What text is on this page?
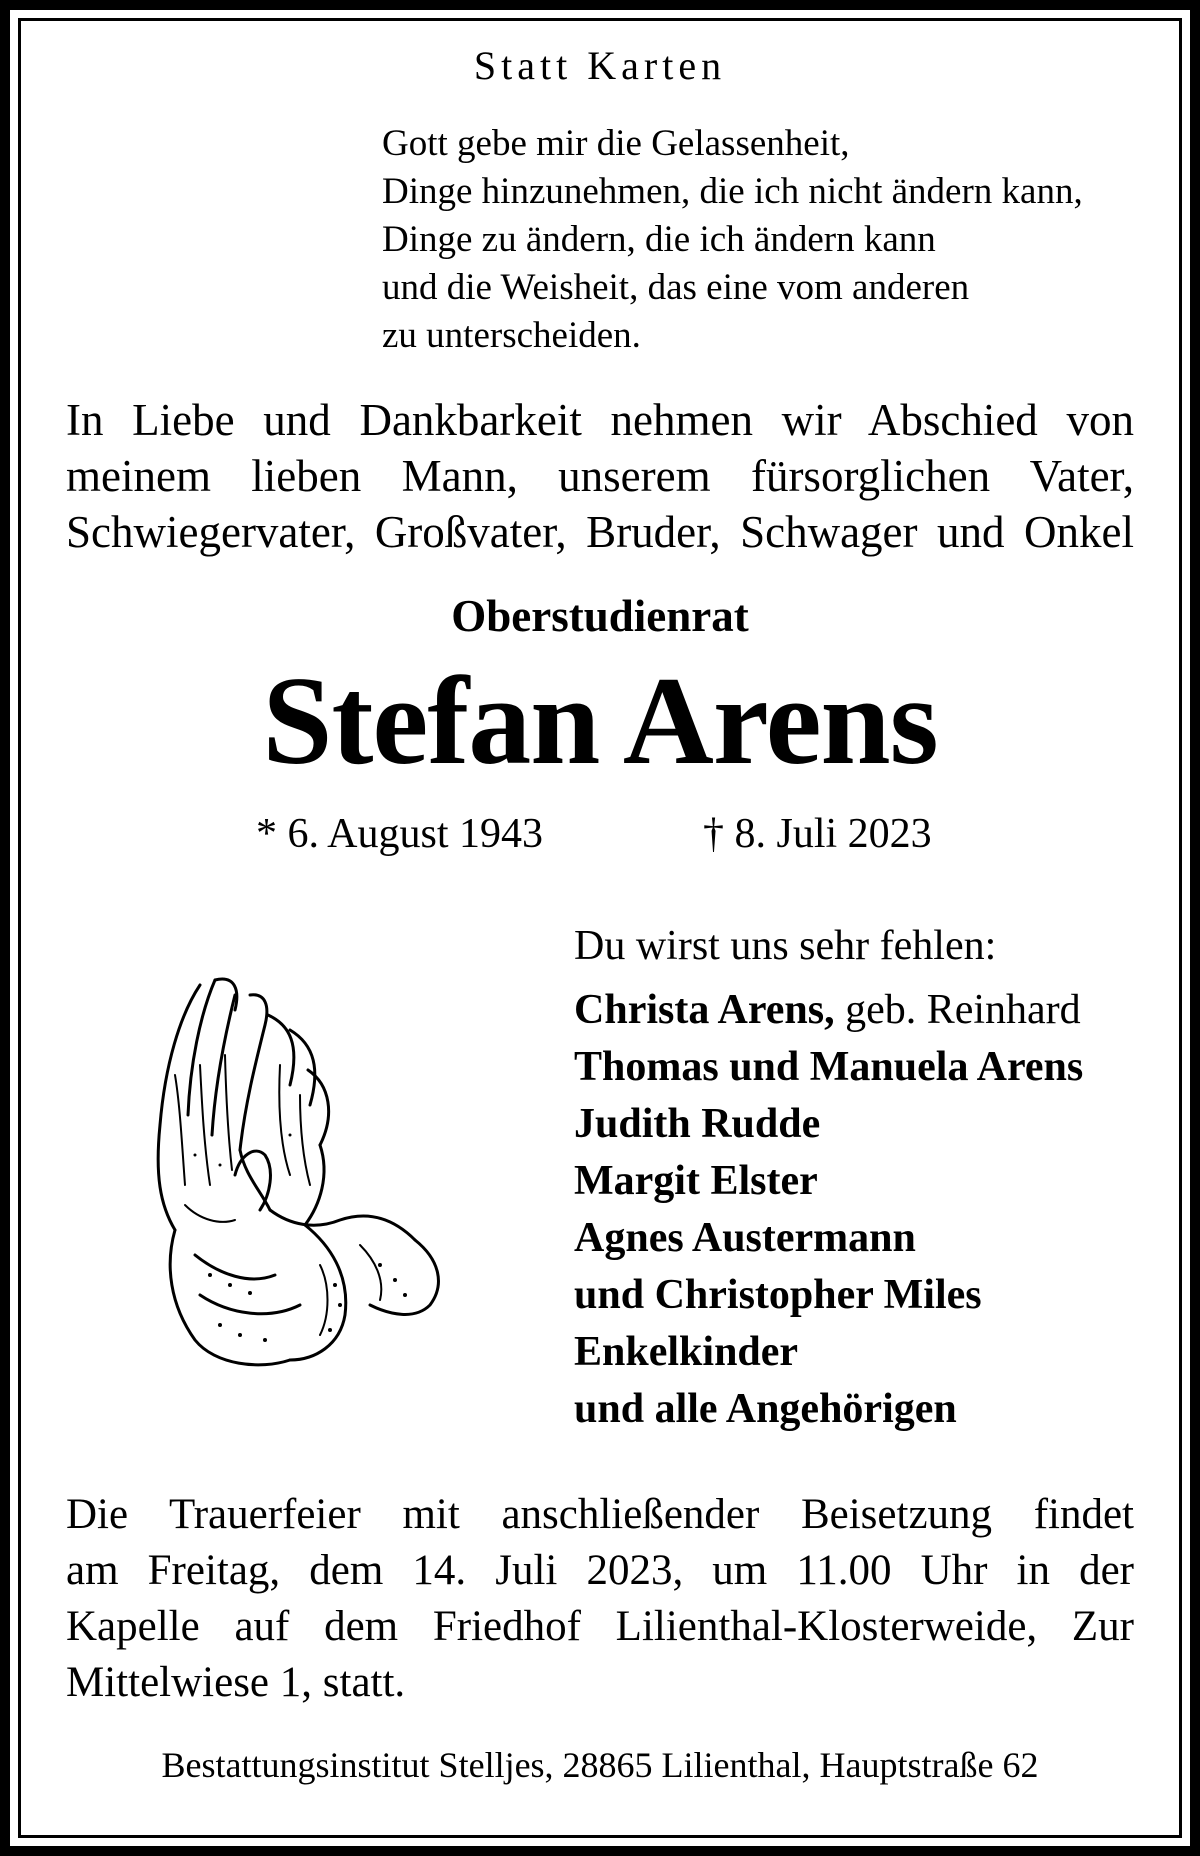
Statt Karten
Gott gebe mir die Gelassenheit,
Dinge hinzunehmen, die ich nicht ändern kann,
Dinge zu ändern, die ich ändern kann
und die Weisheit, das eine vom anderen
zu unterscheiden.
In Liebe und Dankbarkeit nehmen wir Abschied von
meinem lieben Mann, unserem fürsorglichen Vater,
Schwiegervater, Großvater, Bruder, Schwager und Onkel
Oberstudienrat
Stefan Arens
* 6. August 1943	† 8. Juli 2023
Du wirst uns sehr fehlen:
Christa Arens, geb. Reinhard
Thomas und Manuela Arens
Judith Rudde
Margit Elster
Agnes Austermann
und Christopher Miles
Enkelkinder
und alle Angehörigen
Die Trauerfeier mit anschließender Beisetzung findet
am Freitag, dem 14. Juli 2023, um 11.00 Uhr in der
Kapelle auf dem Friedhof Lilienthal-Klosterweide, Zur
Mittelwiese 1, statt.
Bestattungsinstitut Stelljes, 28865 Lilienthal, Hauptstraße 62
